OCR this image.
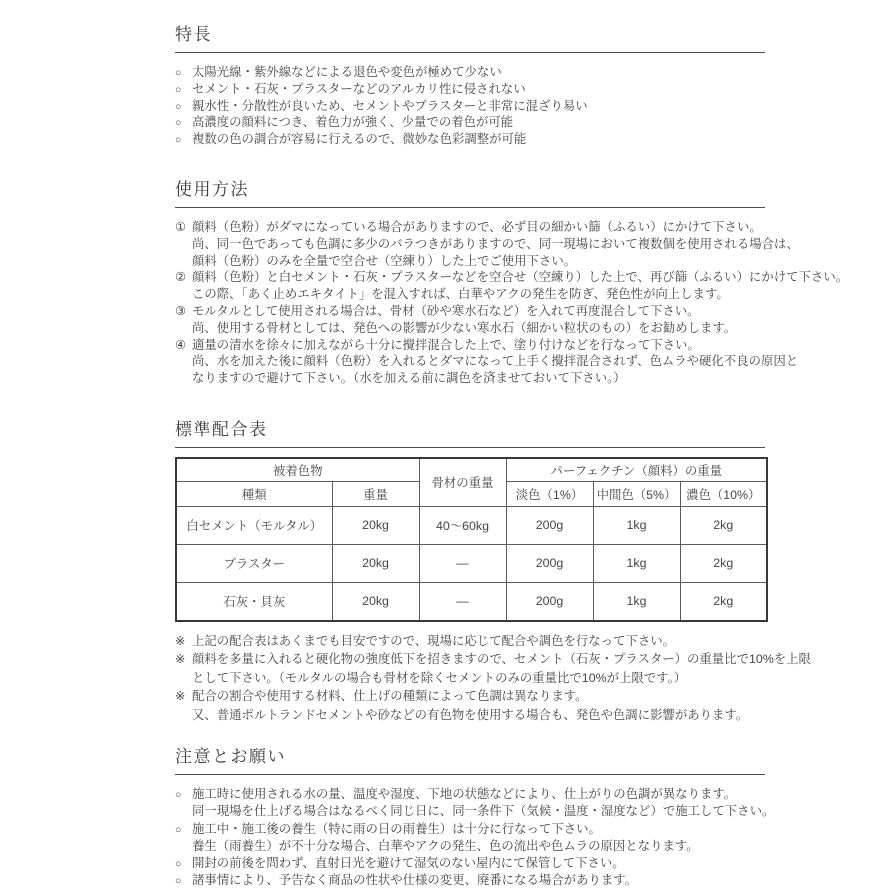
特長
○ 太陽光線・紫外線などによる退色や変色が極めて少ない
○ セメント・石灰・プラスターなどのアルカリ性に侵されない
○ 親水性・分散性が良いため、セメントやプラスターと非常に混ざり易い
○ 高濃度の顔料につき、着色力が強く、少量での着色が可能
○ 複数の色の調合が容易に行えるので、微妙な色彩調整が可能
使用方法
① 顔料（色粉）がダマになっている場合がありますので、必ず目の細かい篩（ふるい）にかけて下さい。
尚、同一色であっても色調に多少のバラつきがありますので、同一現場において複数個を使用される場合は、
顔料（色粉）のみを全量で空合せ（空練り）した上でご使用下さい。
② 顔料（色粉）と白セメント・石灰・プラスターなどを空合せ（空練り）した上で、再び篩（ふるい）にかけて下さい。
この際、「あく止めエキタイト」を混入すれば、白華やアクの発生を防ぎ、発色性が向上します。
③ モルタルとして使用される場合は、骨材（砂や寒水石など）を入れて再度混合して下さい。
尚、使用する骨材としては、発色への影響が少ない寒水石（細かい粒状のもの）をお勧めします。
④ 適量の清水を徐々に加えながら十分に攪拌混合した上で、塗り付けなどを行なって下さい。
尚、水を加えた後に顔料（色粉）を入れるとダマになって上手く攪拌混合されず、色ムラや硬化不良の原因と
なりますので避けて下さい。（水を加える前に調色を済ませておいて下さい。）
標準配合表
被着色物		骨材の重量	パーフェクチン（顔料）の重量		
種類	重量		淡色（1%）	中間色（5%）	濃色（10%）
白セメント（モルタル）	20kg	40〜60kg	200g	1kg	2kg
プラスター	20kg	—	200g	1kg	2kg
石灰・貝灰	20kg	—	200g	1kg	2kg
※ 上記の配合表はあくまでも目安ですので、現場に応じて配合や調色を行なって下さい。
※ 顔料を多量に入れると硬化物の強度低下を招きますので、セメント（石灰・プラスター）の重量比で10%を上限
として下さい。（モルタルの場合も骨材を除くセメントのみの重量比で10%が上限です。）
※ 配合の割合や使用する材料、仕上げの種類によって色調は異なります。
又、普通ポルトランドセメントや砂などの有色物を使用する場合も、発色や色調に影響があります。
注意とお願い
○ 施工時に使用される水の量、温度や湿度、下地の状態などにより、仕上がりの色調が異なります。
同一現場を仕上げる場合はなるべく同じ日に、同一条件下（気候・温度・湿度など）で施工して下さい。
○ 施工中・施工後の養生（特に雨の日の雨養生）は十分に行なって下さい。
養生（雨養生）が不十分な場合、白華やアクの発生、色の流出や色ムラの原因となります。
○ 開封の前後を問わず、直射日光を避けて湿気のない屋内にて保管して下さい。
○ 諸事情により、予告なく商品の性状や仕様の変更、廃番になる場合があります。
